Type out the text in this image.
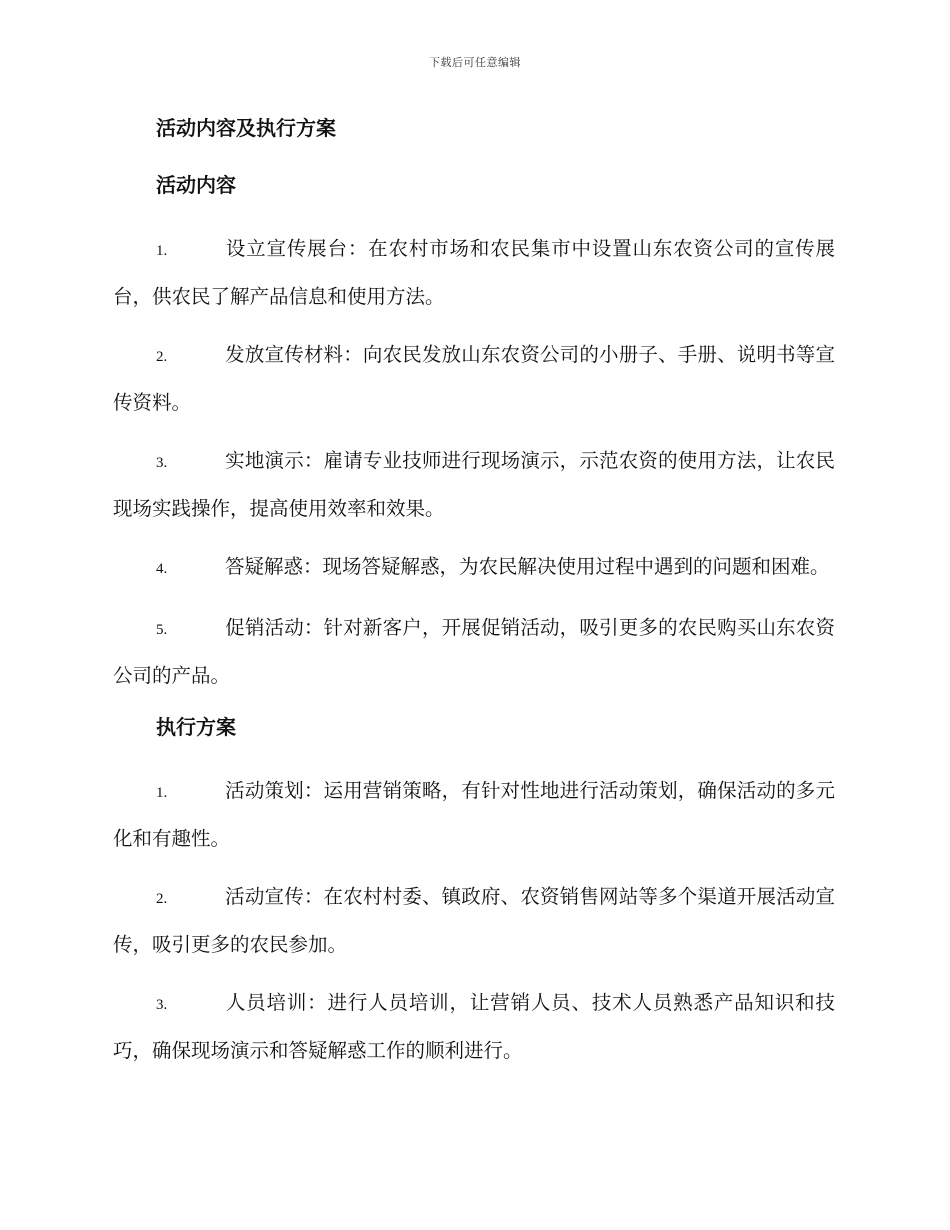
下载后可任意编辑
活动内容及执行方案
活动内容
1.	设立宣传展台：在农村市场和农民集市中设置山东农资公司的宣传展台，供农民了解产品信息和使用方法。
2.	发放宣传材料：向农民发放山东农资公司的小册子、手册、说明书等宣传资料。
3.	实地演示：雇请专业技师进行现场演示，示范农资的使用方法，让农民现场实践操作，提高使用效率和效果。
4.	答疑解惑：现场答疑解惑，为农民解决使用过程中遇到的问题和困难。
5.	促销活动：针对新客户，开展促销活动，吸引更多的农民购买山东农资公司的产品。
执行方案
1.	活动策划：运用营销策略，有针对性地进行活动策划，确保活动的多元化和有趣性。
2.	活动宣传：在农村村委、镇政府、农资销售网站等多个渠道开展活动宣传，吸引更多的农民参加。
3.	人员培训：进行人员培训，让营销人员、技术人员熟悉产品知识和技巧，确保现场演示和答疑解惑工作的顺利进行。
